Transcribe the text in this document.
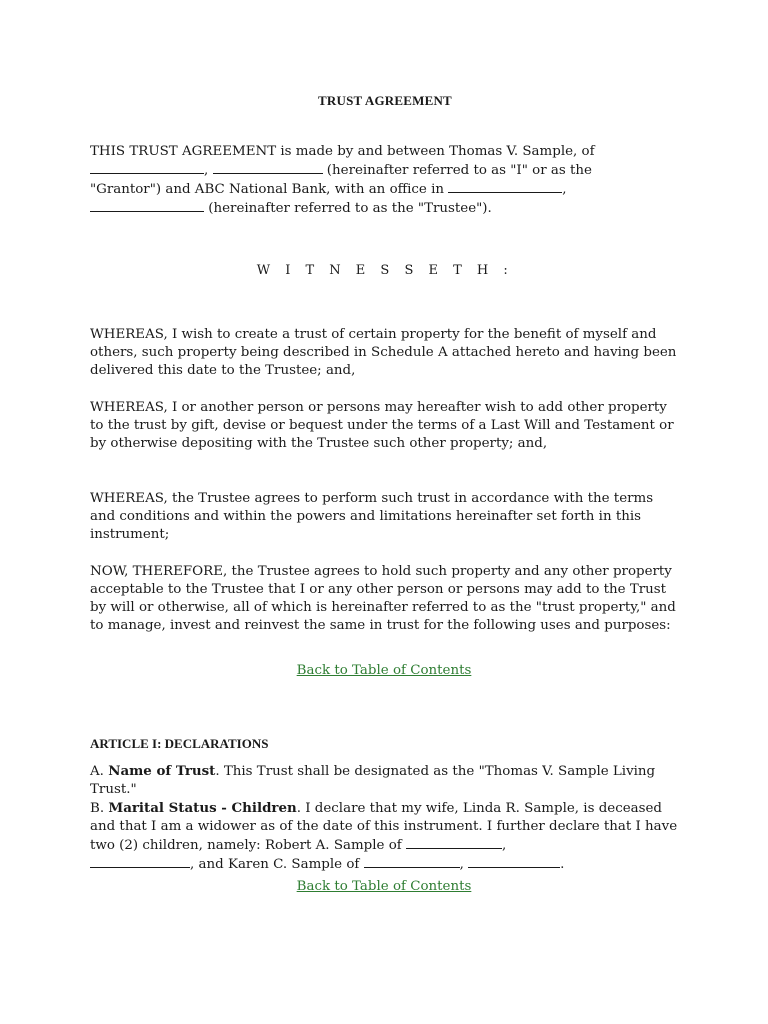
TRUST AGREEMENT
THIS TRUST AGREEMENT is made by and between Thomas V. Sample, of
,	(hereinafter referred to as "I" or as the
"Grantor") and ABC National Bank, with an office in	,
(hereinafter referred to as the "Trustee").
W I T N E S S E T H :

WHEREAS, I wish to create a trust of certain property for the benefit of myself and others, such property being described in Schedule A attached hereto and having been delivered this date to the Trustee; and,

WHEREAS, I or another person or persons may hereafter wish to add other property to the trust by gift, devise or bequest under the terms of a Last Will and Testament or by otherwise depositing with the Trustee such other property; and,

WHEREAS, the Trustee agrees to perform such trust in accordance with the terms and conditions and within the powers and limitations hereinafter set forth in this instrument;

NOW, THEREFORE, the Trustee agrees to hold such property and any other property acceptable to the Trustee that I or any other person or persons may add to the Trust by will or otherwise, all of which is hereinafter referred to as the "trust property," and to manage, invest and reinvest the same in trust for the following uses and purposes:

Back to Table of Contents
ARTICLE I: DECLARATIONS
A. Name of Trust. This Trust shall be designated as the "Thomas V. Sample Living Trust."
B. Marital Status - Children. I declare that my wife, Linda R. Sample, is deceased and that I am a widower as of the date of this instrument. I further declare that I have two (2) children, namely: Robert A. Sample of	,
, and Karen C. Sample of	,	.
Back to Table of Contents
